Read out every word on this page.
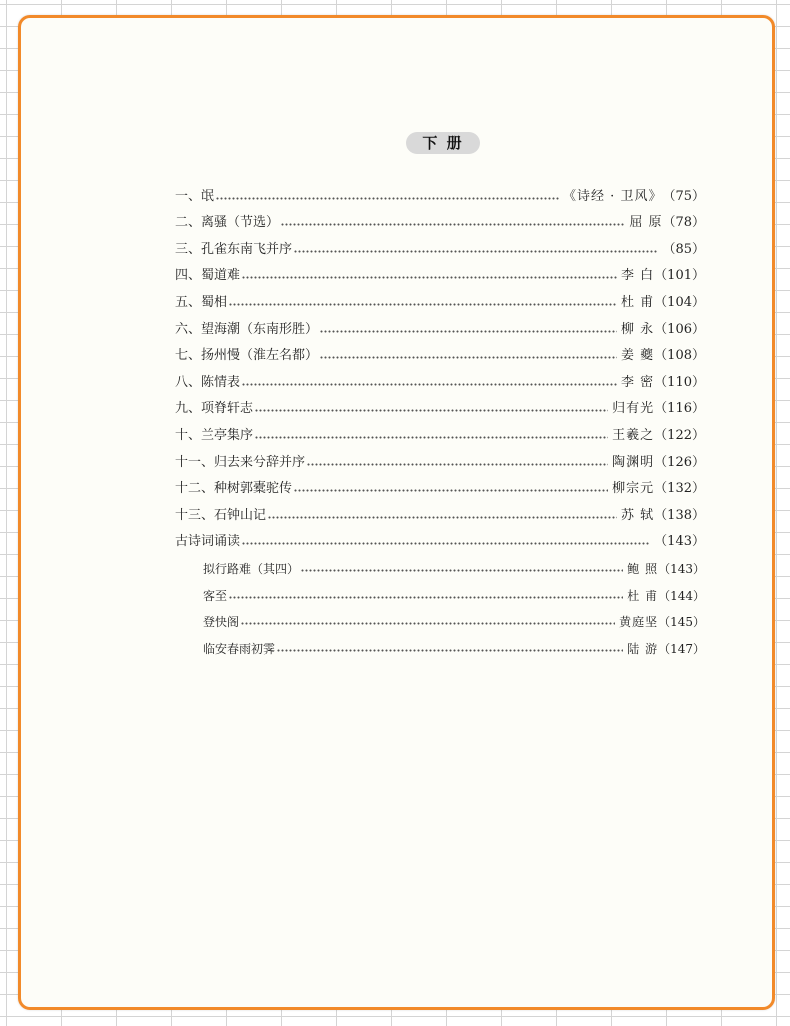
下 册
一、氓	《诗经 · 卫风》 （75）
二、离骚（节选）	屈 原 （78）
三、孔雀东南飞并序	（85）
四、蜀道难	李 白 （101）
五、蜀相	杜 甫 （104）
六、望海潮（东南形胜）	柳 永 （106）
七、扬州慢（淮左名都）	姜 夔 （108）
八、陈情表	李 密 （110）
九、项脊轩志	归有光 （116）
十、兰亭集序	王羲之 （122）
十一、归去来兮辞并序	陶渊明 （126）
十二、种树郭橐驼传	柳宗元 （132）
十三、石钟山记	苏 轼 （138）
古诗词诵读	（143）
拟行路难（其四）	鲍 照 （143）
客至	杜 甫 （144）
登快阁	黄庭坚 （145）
临安春雨初霁	陆 游 （147）
